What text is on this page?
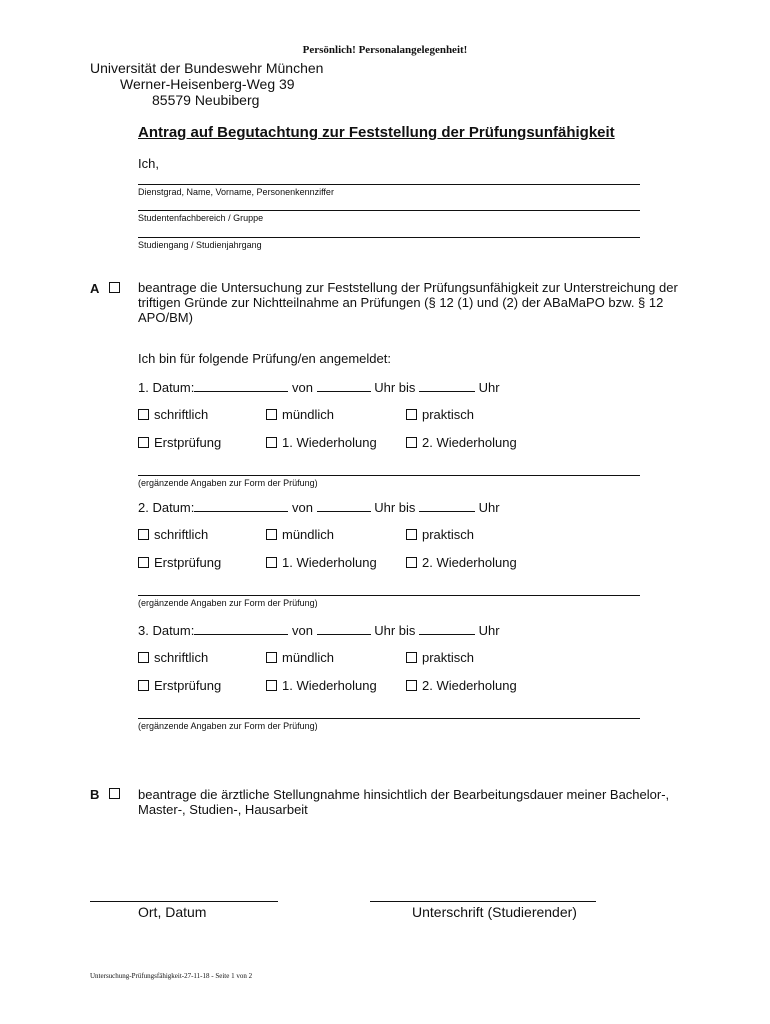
Persönlich! Personalangelegenheit!
Universität der Bundeswehr München
Werner-Heisenberg-Weg 39
85579 Neubiberg
Antrag auf Begutachtung zur Feststellung der Prüfungsunfähigkeit
Ich,
Dienstgrad, Name, Vorname, Personenkennziffer
Studentenfachbereich / Gruppe
Studiengang / Studienjahrgang
A	beantrage die Untersuchung zur Feststellung der Prüfungsunfähigkeit zur Unterstreichung der triftigen Gründe zur Nichtteilnahme an Prüfungen (§ 12 (1) und (2) der ABaMaPO bzw. § 12 APO/BM)
Ich bin für folgende Prüfung/en angemeldet:
1. Datum:	von	Uhr bis	Uhr
schriftlich	mündlich	praktisch
Erstprüfung	1. Wiederholung	2. Wiederholung
(ergänzende Angaben zur Form der Prüfung)
2. Datum:	von	Uhr bis	Uhr
schriftlich	mündlich	praktisch
Erstprüfung	1. Wiederholung	2. Wiederholung
(ergänzende Angaben zur Form der Prüfung)
3. Datum:	von	Uhr bis	Uhr
schriftlich	mündlich	praktisch
Erstprüfung	1. Wiederholung	2. Wiederholung
(ergänzende Angaben zur Form der Prüfung)
B	beantrage die ärztliche Stellungnahme hinsichtlich der Bearbeitungsdauer meiner Bachelor-, Master-, Studien-, Hausarbeit
Ort, Datum	Unterschrift (Studierender)
Untersuchung-Prüfungsfähigkeit-27-11-18 - Seite 1 von 2
